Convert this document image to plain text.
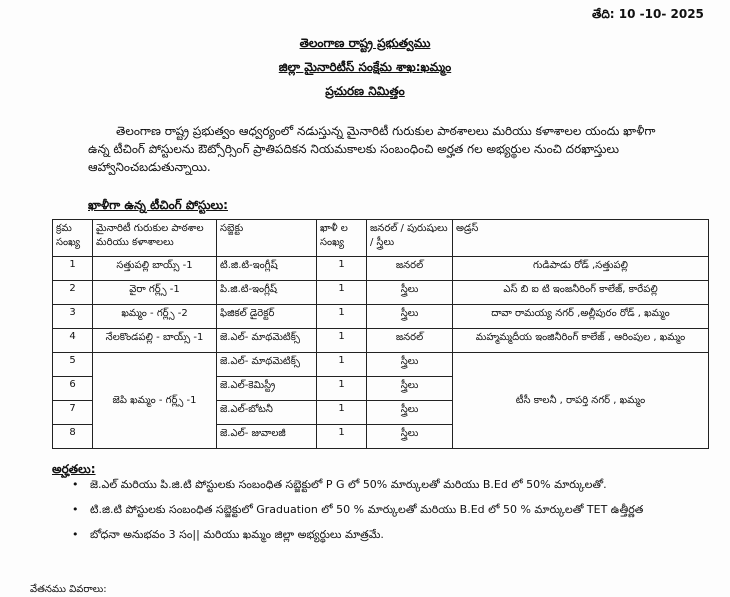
తేది: 10 -10- 2025
తెలంగాణ రాష్ట్ర ప్రభుత్వము
జిల్లా మైనారిటీస్ సంక్షేమ శాఖ:ఖమ్మం
ప్రచురణ నిమిత్తం
తెలంగాణ రాష్ట్ర ప్రభుత్వం ఆధ్వర్యంలో నడుస్తున్న మైనారిటీ గురుకుల పాఠశాలలు మరియు కళాశాలల యందు ఖాళీగా
ఉన్న టీచింగ్ పోస్టులను ఔట్సోర్సింగ్ ప్రాతిపదికన నియమకాలకు సంబంధించి అర్హత గల అభ్యర్థుల నుంచి దరఖాస్తులు ఆహ్వానించబడుతున్నాయి.
ఖాళీగా ఉన్న టీచింగ్ పోస్టులు:
క్రమ సంఖ్య	మైనారిటీ గురుకుల పాఠశాల మరియు కళాశాలలు	సబ్జెక్టు	ఖాళీ ల సంఖ్య	జనరల్ / పురుషులు / స్త్రీలు	అడ్రస్
1	సత్తుపల్లి బాయ్స్ -1	టి.జి.టి-ఇంగ్లీష్	1	జనరల్	గుడిపాడు రోడ్ ,సత్తుపల్లి
2	వైరా గర్ల్స్ -1	పి.జి.టి-ఇంగ్లీష్	1	స్త్రీలు	ఎస్ బి ఐ టి ఇంజనీరింగ్ కాలేజ్, కారేపల్లి
3	ఖమ్మం - గర్ల్స్ -2	ఫిజికల్ డైరెక్టర్	1	స్త్రీలు	దావా రామయ్య నగర్ ,అల్లీపురం రోడ్ , ఖమ్మం
4	నేలకొండపల్లి - బాయ్స్ -1	జె.ఎల్- మాథమెటిక్స్	1	జనరల్	మహ్మమ్మదీయ ఇంజినీరింగ్ కాలేజ్ , ఆరింపుల , ఖమ్మం
5	జెపి ఖమ్మం - గర్ల్స్ -1	జె.ఎల్- మాథమెటిక్స్	1	స్త్రీలు	టీసీ కాలనీ , రాపర్తి నగర్ , ఖమ్మం
6		జె.ఎల్-కెమిస్ట్రీ	1	స్త్రీలు	
7		జె.ఎల్-బోటనీ	1	స్త్రీలు	
8		జె.ఎల్- జువాలజీ	1	స్త్రీలు	
అర్హతలు:
• జె.ఎల్ మరియు పి.జి.టి పోస్టులకు సంబంధిత సబ్జెక్టులో P G లో 50% మార్కులతో మరియు B.Ed లో 50% మార్కులతో.
• టి.జి.టి పోస్టులకు సంబంధిత సబ్జెక్టులో Graduation లో 50 % మార్కులతో మరియు B.Ed లో 50 % మార్కులతో TET ఉత్తీర్ణత
• బోధనా అనుభవం 3 సం|| మరియు ఖమ్మం జిల్లా అభ్యర్థులు మాత్రమే.
వేతనము వివరాలు:
